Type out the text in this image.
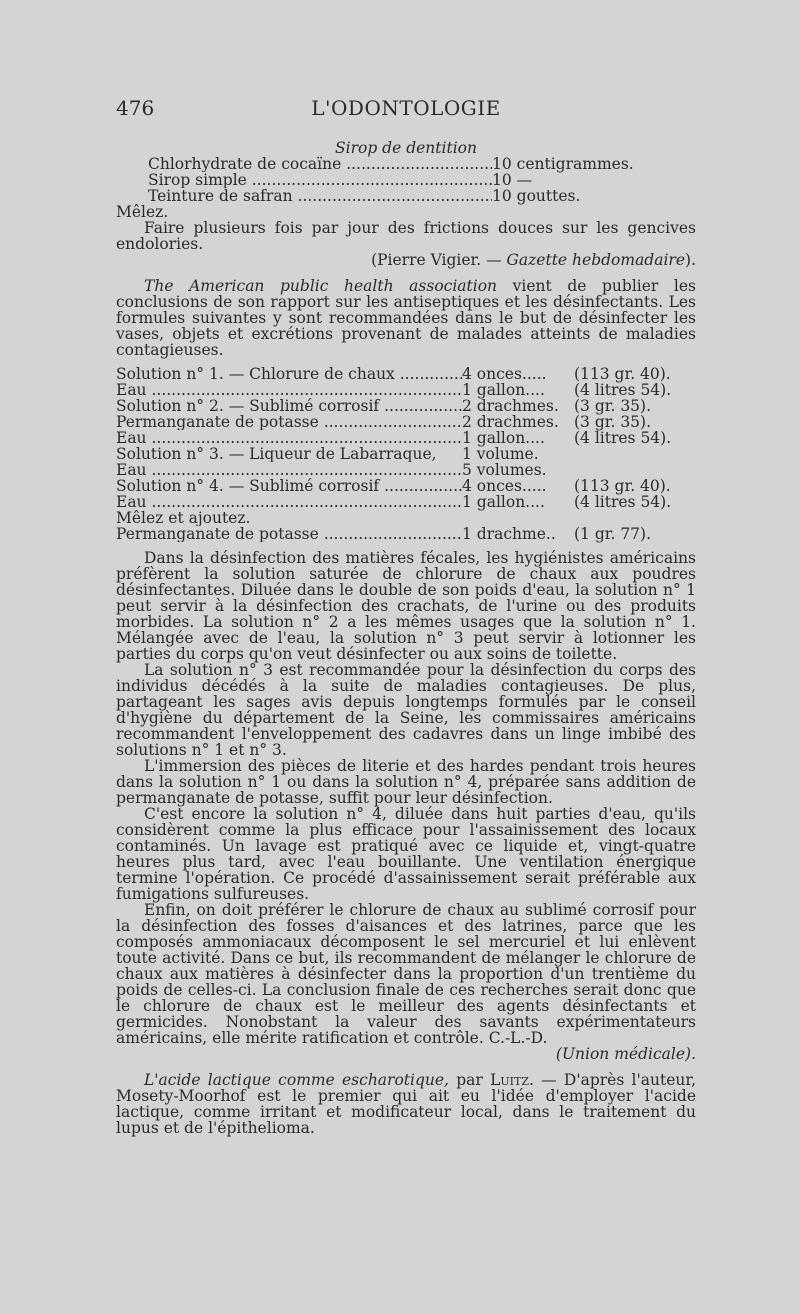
476	L'ODONTOLOGIE

Sirop de dentition

Chlorhydrate de cocaïne .....	10 centigrammes.
Sirop simple .....	10 —
Teinture de safran .....	10 gouttes.

Mêlez.

Faire plusieurs fois par jour des frictions douces sur les gencives endolories.

(Pierre Vigier. — Gazette hebdomadaire).

The American public health association vient de publier les conclusions de son rapport sur les antiseptiques et les désinfectants. Les formules suivantes y sont recommandées dans le but de désinfecter les vases, objets et excrétions provenant de malades atteints de maladies contagieuses.

Solution n° 1. — Chlorure de chaux .....	4 onces.....	(113 gr. 40).
Eau .....	1 gallon....	(4 litres 54).
Solution n° 2. — Sublimé corrosif .....	2 drachmes. (3 gr. 35).
Permanganate de potasse .....	2 drachmes. (3 gr. 35).
Eau .....	1 gallon....	(4 litres 54).
Solution n° 3. — Liqueur de Labarraque,	1 volume.
Eau .....	5 volumes.
Solution n° 4. — Sublimé corrosif .....	4 onces.....	(113 gr. 40).
Eau .....	1 gallon....	(4 litres 54).
Mêlez et ajoutez.
Permanganate de potasse .....	1 drachme..	(1 gr. 77).

Dans la désinfection des matières fécales, les hygiénistes américains préfèrent la solution saturée de chlorure de chaux aux poudres désinfectantes. Diluée dans le double de son poids d'eau, la solution n° 1 peut servir à la désinfection des crachats, de l'urine ou des produits morbides. La solution n° 2 a les mêmes usages que la solution n° 1. Mélangée avec de l'eau, la solution n° 3 peut servir à lotionner les parties du corps qu'on veut désinfecter ou aux soins de toilette.

La solution n° 3 est recommandée pour la désinfection du corps des individus décédés à la suite de maladies contagieuses. De plus, partageant les sages avis depuis longtemps formulés par le conseil d'hygiène du département de la Seine, les commissaires américains recommandent l'enveloppement des cadavres dans un linge imbibé des solutions n° 1 et n° 3.

L'immersion des pièces de literie et des hardes pendant trois heures dans la solution n° 1 ou dans la solution n° 4, préparée sans addition de permanganate de potasse, suffit pour leur désinfection.

C'est encore la solution n° 4, diluée dans huit parties d'eau, qu'ils considèrent comme la plus efficace pour l'assainissement des locaux contaminés. Un lavage est pratiqué avec ce liquide et, vingt-quatre heures plus tard, avec l'eau bouillante. Une ventilation énergique termine l'opération. Ce procédé d'assainissement serait préférable aux fumigations sulfureuses.

Enfin, on doit préférer le chlorure de chaux au sublimé corrosif pour la désinfection des fosses d'aisances et des latrines, parce que les composés ammoniacaux décomposent le sel mercuriel et lui enlèvent toute activité. Dans ce but, ils recommandent de mélanger le chlorure de chaux aux matières à désinfecter dans la proportion d'un trentième du poids de celles-ci. La conclusion finale de ces recherches serait donc que le chlorure de chaux est le meilleur des agents désinfectants et germicides. Nonobstant la valeur des savants expérimentateurs américains, elle mérite ratification et contrôle. C.-L.-D.

(Union médicale).

L'acide lactique comme escharotique, par Luitz. — D'après l'auteur, Mosety-Moorhof est le premier qui ait eu l'idée d'employer l'acide lactique, comme irritant et modificateur local, dans le traitement du lupus et de l'épithelioma.
